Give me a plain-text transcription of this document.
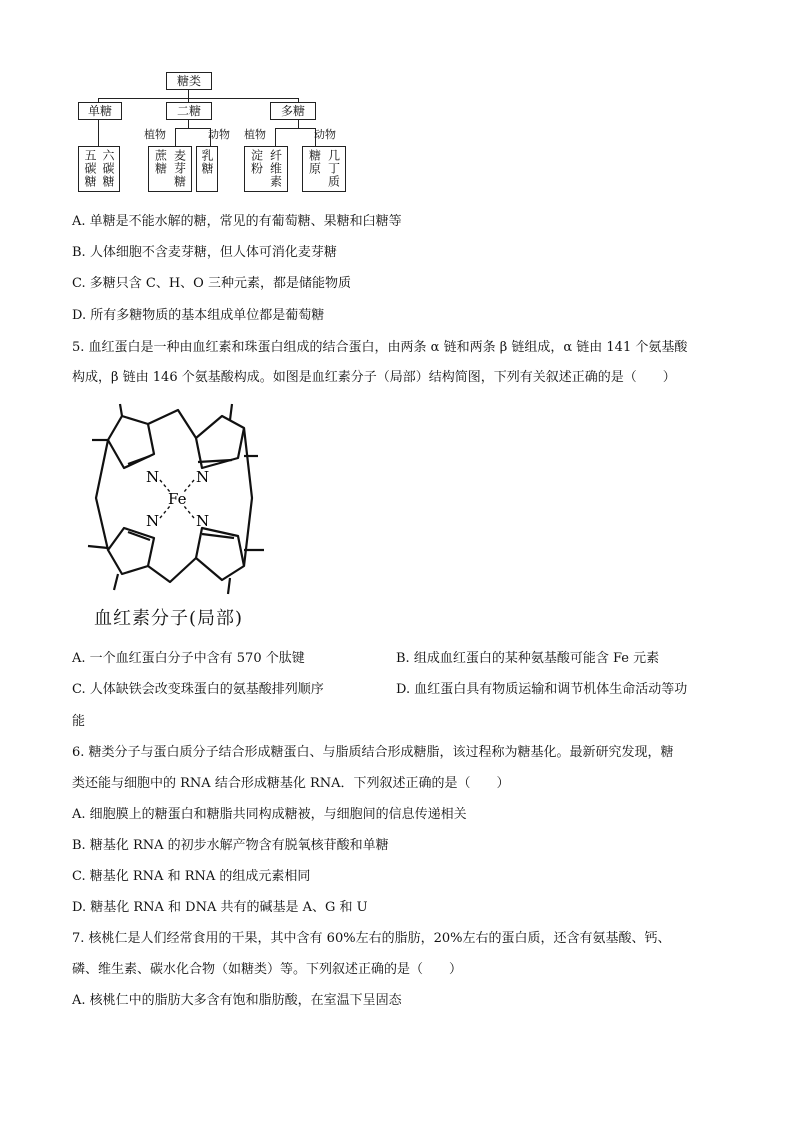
糖类
单糖	二糖	多糖
植物	动物 植物	动物
五碳糖 六碳糖	蔗糖 麦芽糖 乳糖	淀粉 纤维素 糖原 几丁质
A. 单糖是不能水解的糖，常见的有葡萄糖、果糖和臼糖等
B. 人体细胞不含麦芽糖，但人体可消化麦芽糖
C. 多糖只含 C、H、O 三种元素，都是储能物质
D. 所有多糖物质的基本组成单位都是葡萄糖
5. 血红蛋白是一种由血红素和珠蛋白组成的结合蛋白，由两条 α 链和两条 β 链组成，α 链由 141 个氨基酸
构成，β 链由 146 个氨基酸构成。如图是血红素分子（局部）结构简图，下列有关叙述正确的是（　　）
N N
N N
Fe
血红素分子(局部)
A. 一个血红蛋白分子中含有 570 个肽键	B. 组成血红蛋白的某种氨基酸可能含 Fe 元素
C. 人体缺铁会改变珠蛋白的氨基酸排列顺序	D. 血红蛋白具有物质运输和调节机体生命活动等功
能
6. 糖类分子与蛋白质分子结合形成糖蛋白、与脂质结合形成糖脂，该过程称为糖基化。最新研究发现，糖
类还能与细胞中的 RNA 结合形成糖基化 RNA．下列叙述正确的是（　　）
A. 细胞膜上的糖蛋白和糖脂共同构成糖被，与细胞间的信息传递相关
B. 糖基化 RNA 的初步水解产物含有脱氧核苷酸和单糖
C. 糖基化 RNA 和 RNA 的组成元素相同
D. 糖基化 RNA 和 DNA 共有的碱基是 A、G 和 U
7. 核桃仁是人们经常食用的干果，其中含有 60%左右的脂肪，20%左右的蛋白质，还含有氨基酸、钙、
磷、维生素、碳水化合物（如糖类）等。下列叙述正确的是（　　）
A. 核桃仁中的脂肪大多含有饱和脂肪酸，在室温下呈固态
